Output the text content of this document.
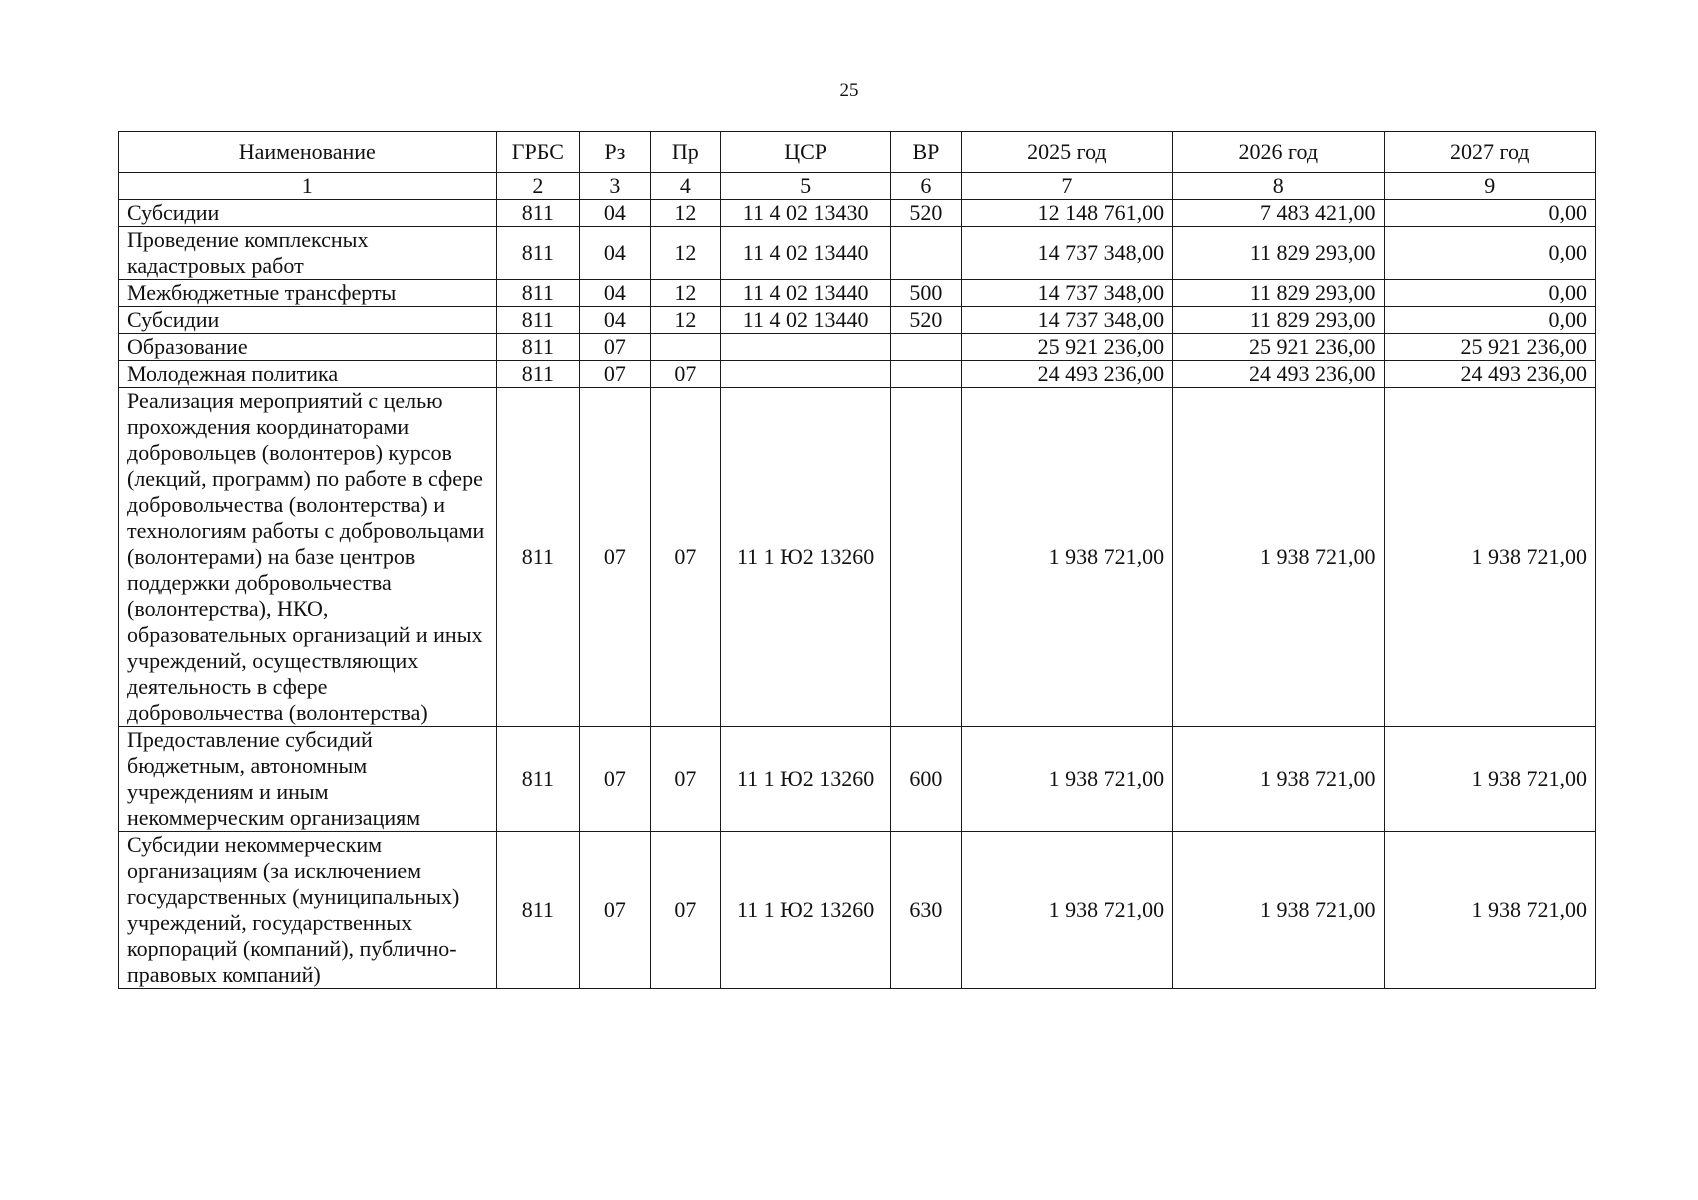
25
Наименование	ГРБС	Рз	Пр	ЦСР	ВР	2025 год	2026 год	2027 год
1	2	3	4	5	6	7	8	9
Субсидии	811	04	12	11 4 02 13430	520	12 148 761,00	7 483 421,00	0,00
Проведение комплексных кадастровых работ	811	04	12	11 4 02 13440		14 737 348,00	11 829 293,00	0,00
Межбюджетные трансферты	811	04	12	11 4 02 13440	500	14 737 348,00	11 829 293,00	0,00
Субсидии	811	04	12	11 4 02 13440	520	14 737 348,00	11 829 293,00	0,00
Образование	811	07				25 921 236,00	25 921 236,00	25 921 236,00
Молодежная политика	811	07	07			24 493 236,00	24 493 236,00	24 493 236,00
Реализация мероприятий с целью прохождения координаторами добровольцев (волонтеров) курсов (лекций, программ) по работе в сфере добровольчества (волонтерства) и технологиям работы с добровольцами (волонтерами) на базе центров поддержки добровольчества (волонтерства), НКО, образовательных организаций и иных учреждений, осуществляющих деятельность в сфере добровольчества (волонтерства)	811	07	07	11 1 Ю2 13260		1 938 721,00	1 938 721,00	1 938 721,00
Предоставление субсидий бюджетным, автономным учреждениям и иным некоммерческим организациям	811	07	07	11 1 Ю2 13260	600	1 938 721,00	1 938 721,00	1 938 721,00
Субсидии некоммерческим организациям (за исключением государственных (муниципальных) учреждений, государственных корпораций (компаний), публично-правовых компаний)	811	07	07	11 1 Ю2 13260	630	1 938 721,00	1 938 721,00	1 938 721,00
